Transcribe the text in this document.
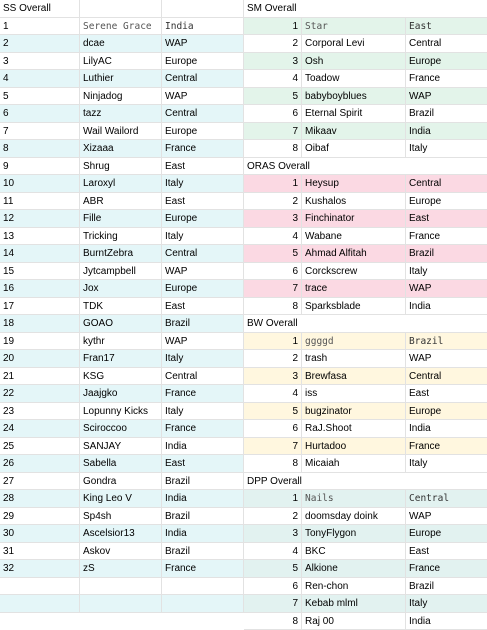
SS Overall
1	Serene Grace	India
2	dcae	WAP
3	LilyAC	Europe
4	Luthier	Central
5	Ninjadog	WAP
6	tazz	Central
7	Wail Wailord	Europe
8	Xizaaa	France
9	Shrug	East
10	Laroxyl	Italy
11	ABR	East
12	Fille	Europe
13	Tricking	Italy
14	BurntZebra	Central
15	Jytcampbell	WAP
16	Jox	Europe
17	TDK	East
18	GOAO	Brazil
19	kythr	WAP
20	Fran17	Italy
21	KSG	Central
22	Jaajgko	France
23	Lopunny Kicks	Italy
24	Sciroccoo	France
25	SANJAY	India
26	Sabella	East
27	Gondra	Brazil
28	King Leo V	India
29	Sp4sh	Brazil
30	Ascelsior13	India
31	Askov	Brazil
32	zS	France
SM Overall
1 Star	East
2 Corporal Levi	Central
3 Osh	Europe
4 Toadow	France
5 babyboyblues	WAP
6 Eternal Spirit	Brazil
7 Mikaav	India
8 Oibaf	Italy
ORAS Overall
1 Heysup	Central
2 Kushalos	Europe
3 Finchinator	East
4 Wabane	France
5 Ahmad Alfitah	Brazil
6 Corckscrew	Italy
7 trace	WAP
8 Sparksblade	India
BW Overall
1 ggggd	Brazil
2 trash	WAP
3 Brewfasa	Central
4 iss	East
5 bugzinator	Europe
6 RaJ.Shoot	India
7 Hurtadoo	France
8 Micaiah	Italy
DPP Overall
1 Nails	Central
2 doomsday doink	WAP
3 TonyFlygon	Europe
4 BKC	East
5 Alkione	France
6 Ren-chon	Brazil
7 Kebab mlml	Italy
8 Raj 00	India
